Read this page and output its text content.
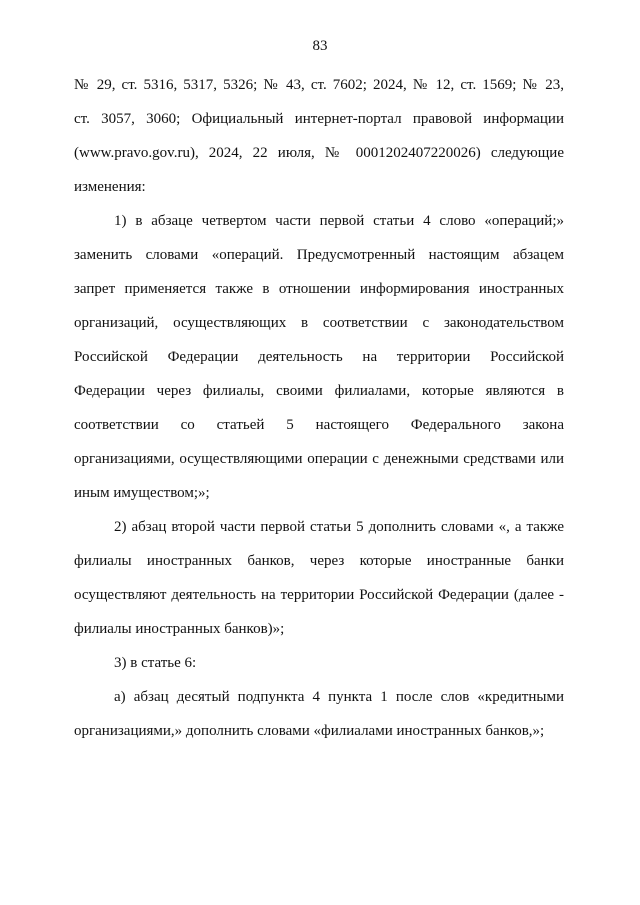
83
№ 29, ст. 5316, 5317, 5326; № 43, ст. 7602; 2024, № 12, ст. 1569; № 23,
ст. 3057, 3060; Официальный интернет-портал правовой информации
(www.pravo.gov.ru), 2024, 22 июля, № 0001202407220026) следующие
изменения:
1) в абзаце четвертом части первой статьи 4 слово «операций;»
заменить словами «операций. Предусмотренный настоящим абзацем
запрет применяется также в отношении информирования иностранных
организаций, осуществляющих в соответствии с законодательством
Российской Федерации деятельность на территории Российской
Федерации через филиалы, своими филиалами, которые являются в
соответствии со статьей 5 настоящего Федерального закона
организациями, осуществляющими операции с денежными средствами или
иным имуществом;»;
2) абзац второй части первой статьи 5 дополнить словами «, а также
филиалы иностранных банков, через которые иностранные банки
осуществляют деятельность на территории Российской Федерации (далее -
филиалы иностранных банков)»;
3) в статье 6:
а) абзац десятый подпункта 4 пункта 1 после слов «кредитными
организациями,» дополнить словами «филиалами иностранных банков,»;
